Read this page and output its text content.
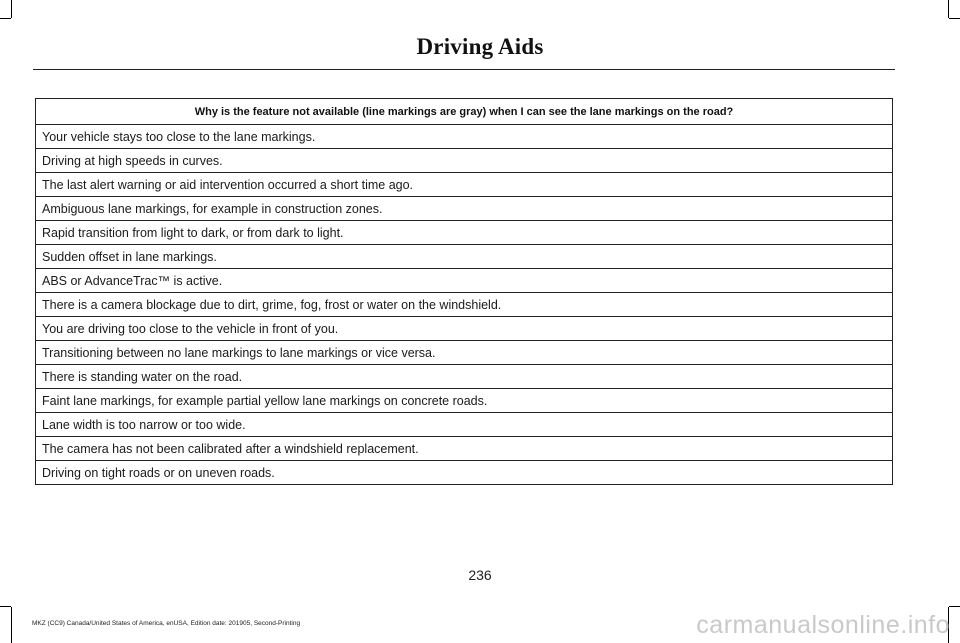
Driving Aids
Why is the feature not available (line markings are gray) when I can see the lane markings on the road?
Your vehicle stays too close to the lane markings.
Driving at high speeds in curves.
The last alert warning or aid intervention occurred a short time ago.
Ambiguous lane markings, for example in construction zones.
Rapid transition from light to dark, or from dark to light.
Sudden offset in lane markings.
ABS or AdvanceTrac™ is active.
There is a camera blockage due to dirt, grime, fog, frost or water on the windshield.
You are driving too close to the vehicle in front of you.
Transitioning between no lane markings to lane markings or vice versa.
There is standing water on the road.
Faint lane markings, for example partial yellow lane markings on concrete roads.
Lane width is too narrow or too wide.
The camera has not been calibrated after a windshield replacement.
Driving on tight roads or on uneven roads.
236
MKZ (CC9) Canada/United States of America, enUSA, Edition date: 201905, Second-Printing	carmanualsonline.info
